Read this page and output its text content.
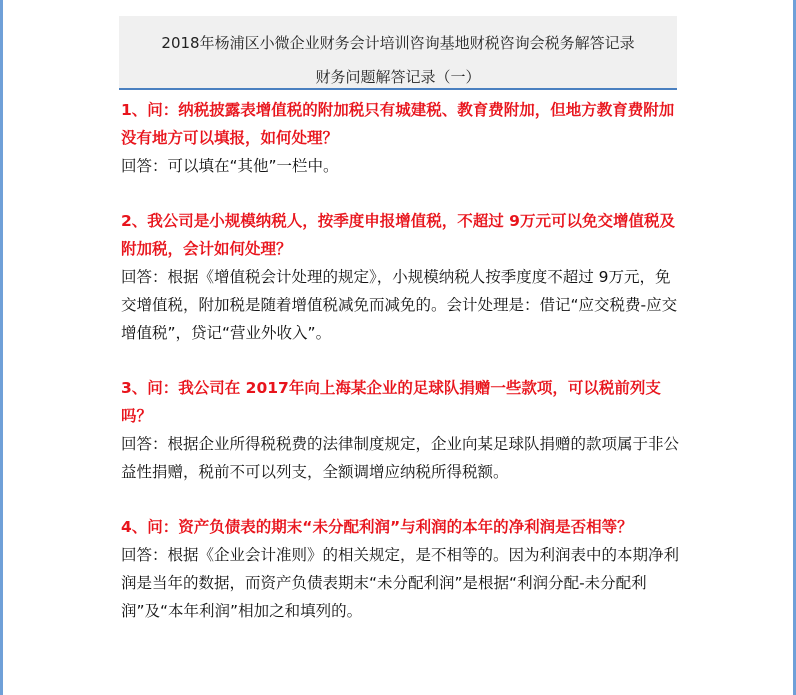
2018年杨浦区小微企业财务会计培训咨询基地财税咨询会税务解答记录
财务问题解答记录（一）

1、问：纳税披露表增值税的附加税只有城建税、教育费附加，但地方教育费附加没有地方可以填报，如何处理？

回答：可以填在“其他”一栏中。

2、我公司是小规模纳税人，按季度申报增值税，不超过 9万元可以免交增值税及附加税，会计如何处理？

回答：根据《增值税会计处理的规定》，小规模纳税人按季度度不超过 9万元，免交增值税，附加税是随着增值税减免而减免的。会计处理是：借记“应交税费-应交增值税”，贷记“营业外收入”。

3、问：我公司在 2017年向上海某企业的足球队捐赠一些款项，可以税前列支吗？

回答：根据企业所得税税费的法律制度规定，企业向某足球队捐赠的款项属于非公益性捐赠，税前不可以列支，全额调增应纳税所得税额。

4、问：资产负债表的期末“未分配利润”与利润的本年的净利润是否相等？

回答：根据《企业会计准则》的相关规定，是不相等的。因为利润表中的本期净利润是当年的数据，而资产负债表期末“未分配利润”是根据“利润分配-未分配利润”及“本年利润”相加之和填列的。
